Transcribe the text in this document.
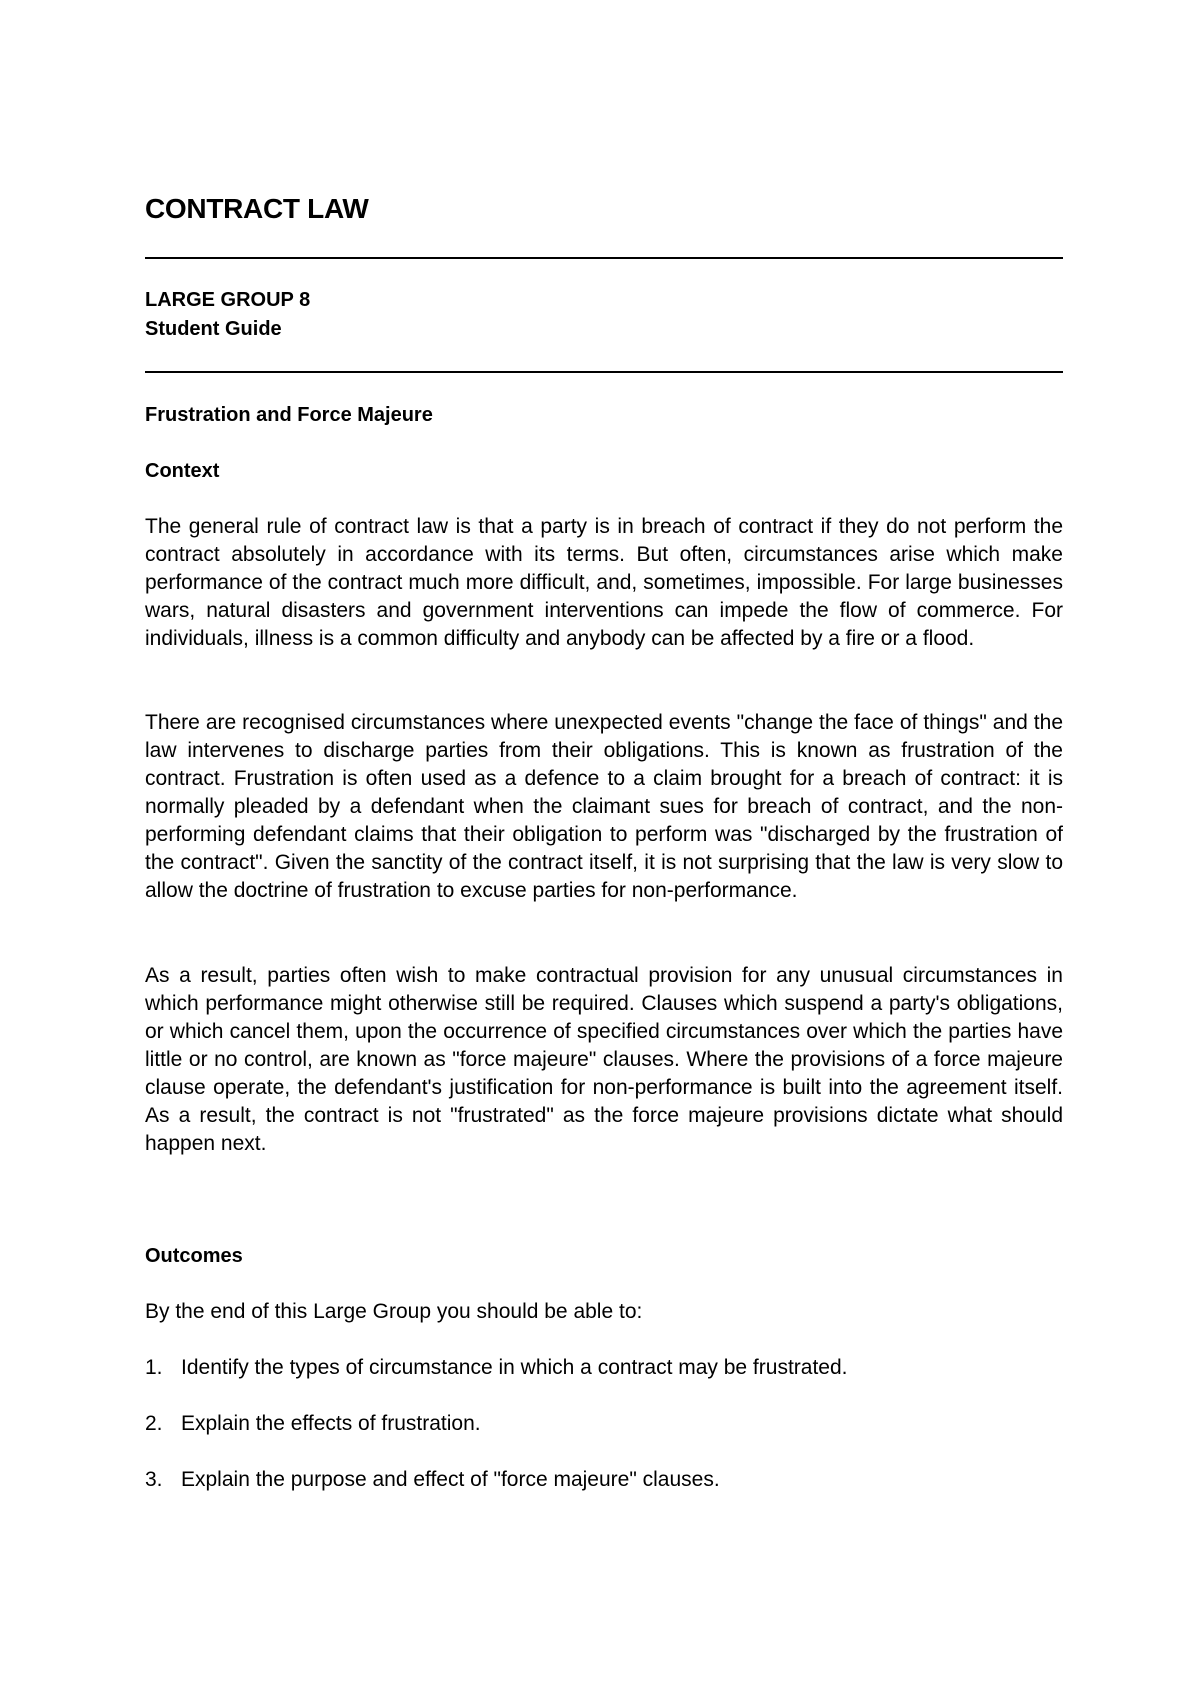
CONTRACT LAW
LARGE GROUP 8
Student Guide
Frustration and Force Majeure
Context

The general rule of contract law is that a party is in breach of contract if they do not perform the contract absolutely in accordance with its terms. But often, circumstances arise which make performance of the contract much more difficult, and, sometimes, impossible. For large businesses wars, natural disasters and government interventions can impede the flow of commerce. For individuals, illness is a common difficulty and anybody can be affected by a fire or a flood.

There are recognised circumstances where unexpected events "change the face of things" and the law intervenes to discharge parties from their obligations. This is known as frustration of the contract. Frustration is often used as a defence to a claim brought for a breach of contract: it is normally pleaded by a defendant when the claimant sues for breach of contract, and the non-performing defendant claims that their obligation to perform was "discharged by the frustration of the contract". Given the sanctity of the contract itself, it is not surprising that the law is very slow to allow the doctrine of frustration to excuse parties for non-performance.

As a result, parties often wish to make contractual provision for any unusual circumstances in which performance might otherwise still be required. Clauses which suspend a party's obligations, or which cancel them, upon the occurrence of specified circumstances over which the parties have little or no control, are known as "force majeure" clauses. Where the provisions of a force majeure clause operate, the defendant's justification for non-performance is built into the agreement itself. As a result, the contract is not "frustrated" as the force majeure provisions dictate what should happen next.

Outcomes

By the end of this Large Group you should be able to:

1. Identify the types of circumstance in which a contract may be frustrated.
2. Explain the effects of frustration.
3. Explain the purpose and effect of "force majeure" clauses.
